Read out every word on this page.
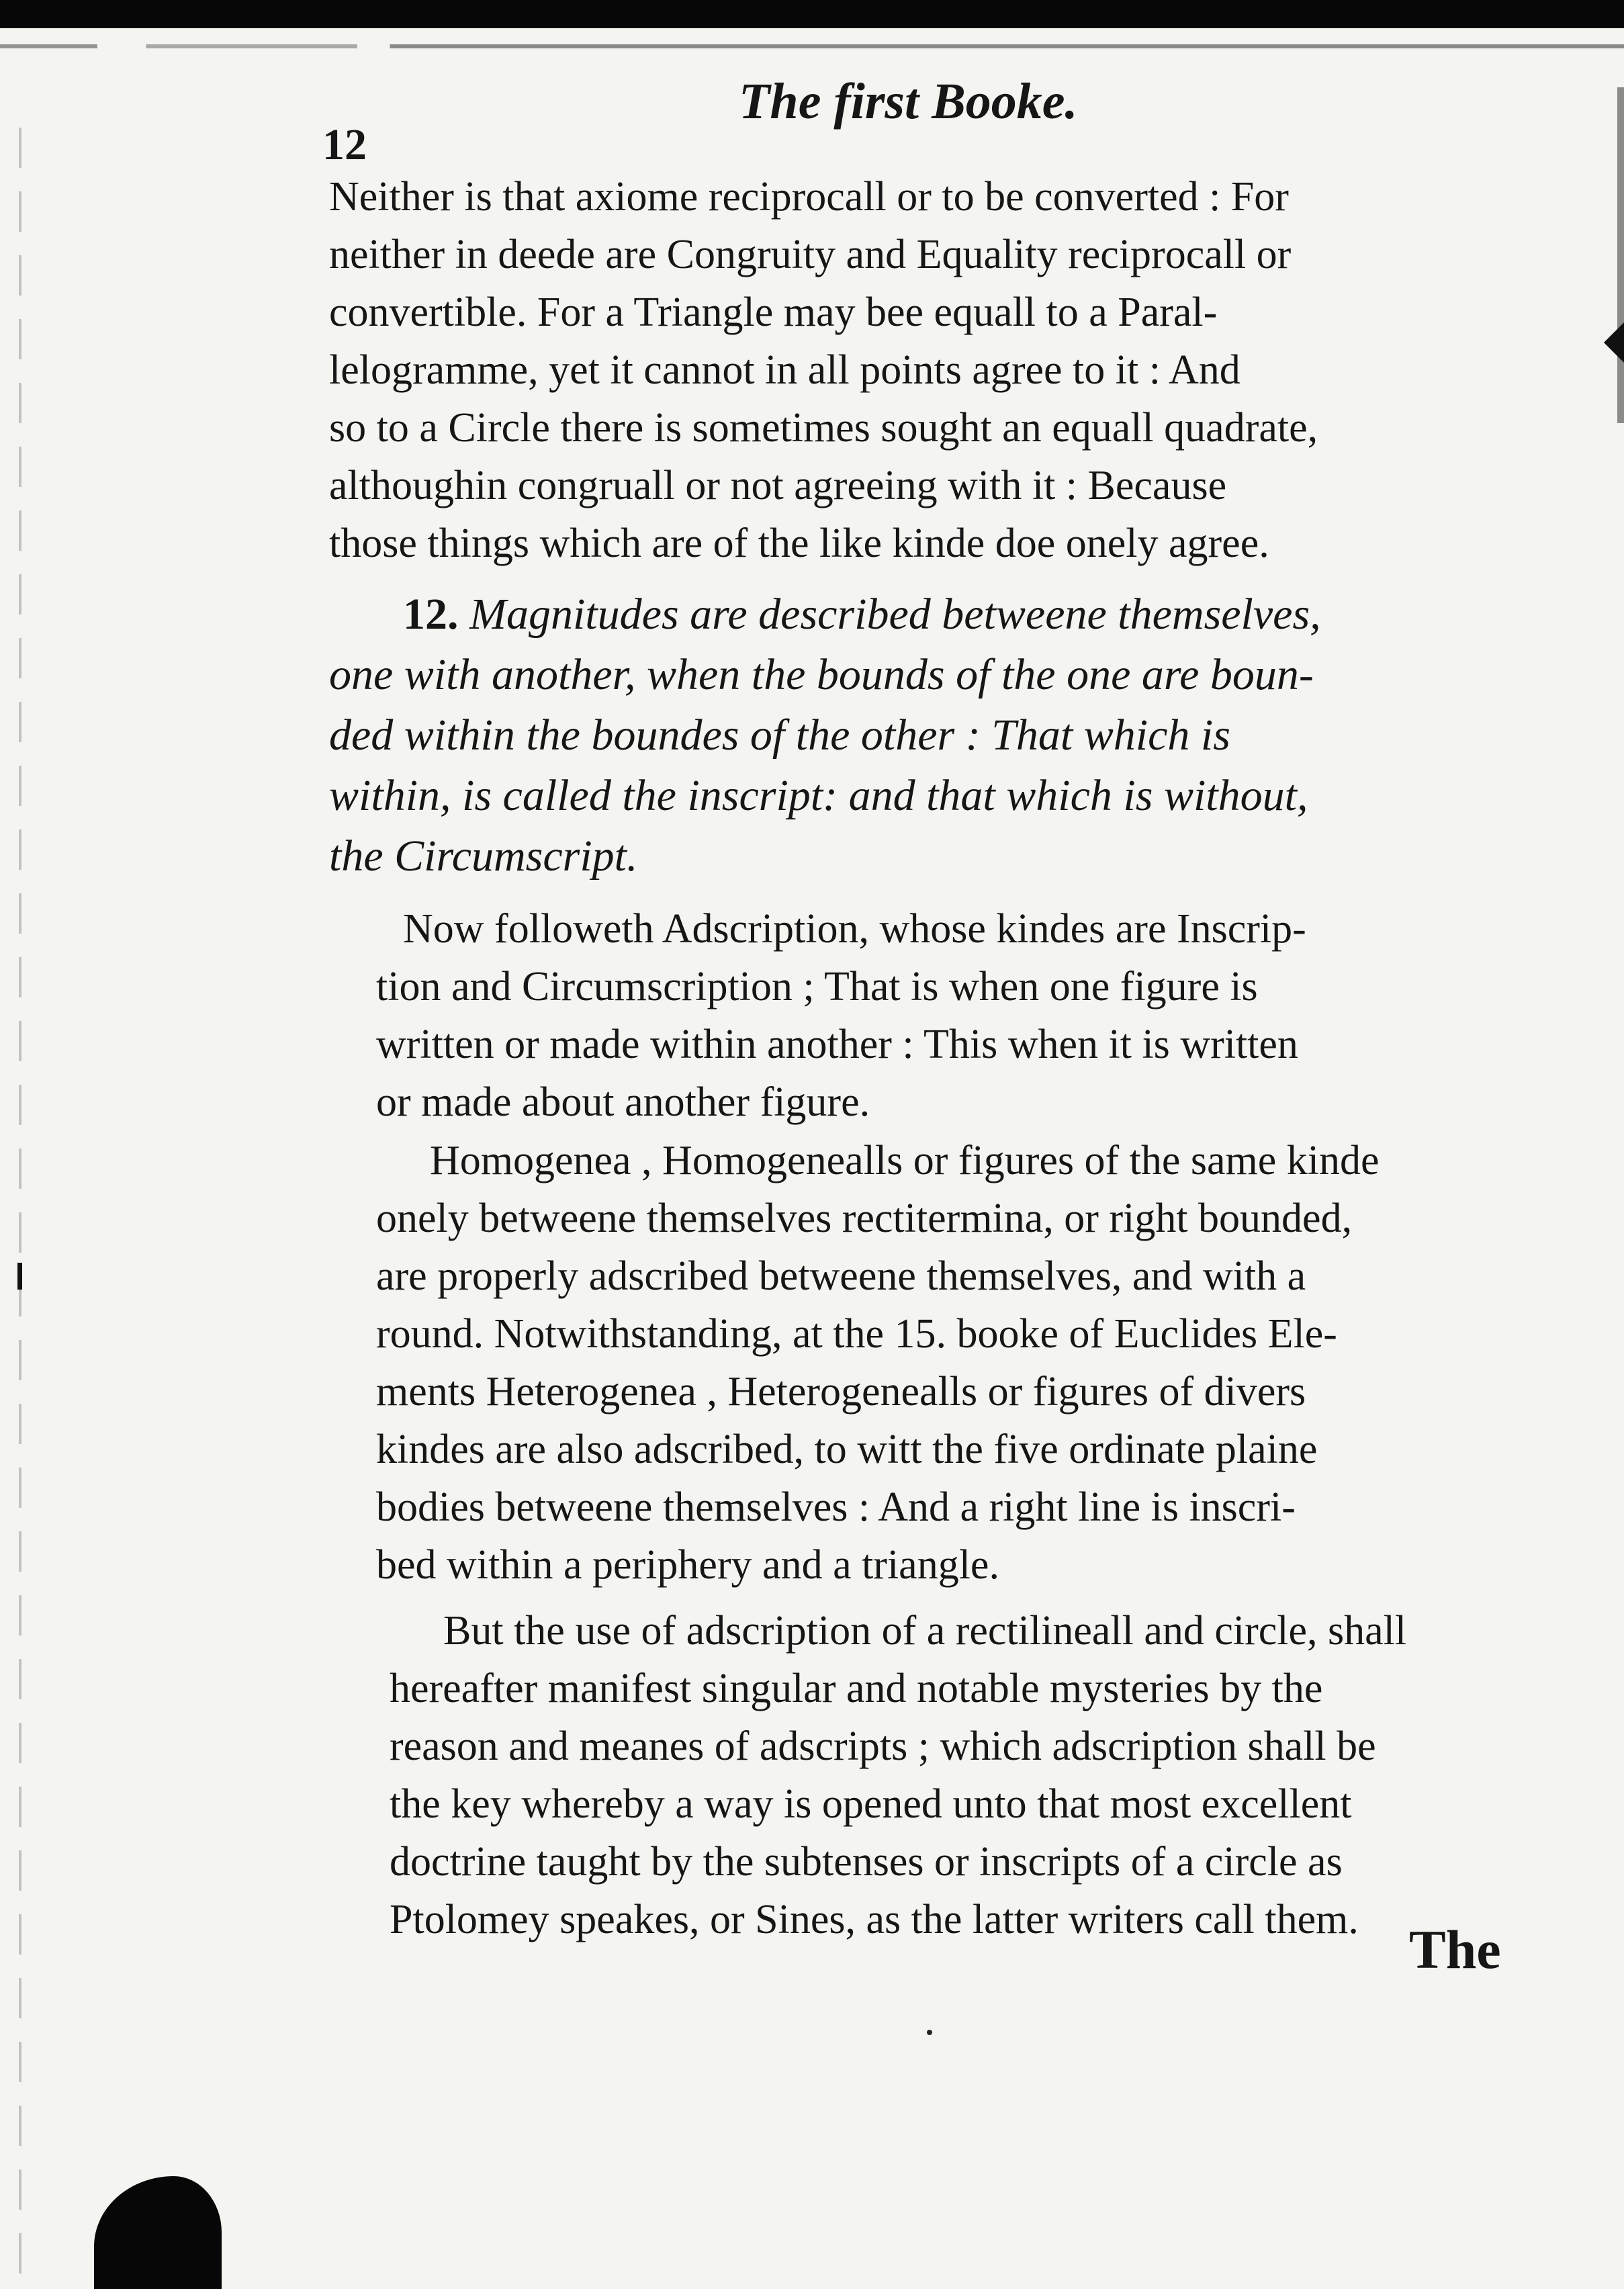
12
The first Booke.

Neither is that axiome reciprocall or to be converted : For
neither in deede are Congruity and Equality reciprocall or
convertible. For a Triangle may bee equall to a Paral-
lelogramme, yet it cannot in all points agree to it : And
so to a Circle there is sometimes sought an equall quadrate,
althoughin congruall or not agreeing with it : Because
those things which are of the like kinde doe onely agree.

12. Magnitudes are described betweene themselves,
one with another, when the bounds of the one are boun-
ded within the boundes of the other : That which is
within, is called the inscript: and that which is without,
the Circumscript.

Now followeth Adscription, whose kindes are Inscrip-
tion and Circumscription ; That is when one figure is
written or made within another : This when it is written
or made about another figure.

Homogenea , Homogenealls or figures of the same kinde
onely betweene themselves rectiterminа, or right bounded,
are properly adscribed betweene themselves, and with a
round. Notwithstanding, at the 15. booke of Euclides Ele-
ments Heterogenea , Heterogenealls or figures of divers
kindes are also adscribed, to witt the five ordinate plaine
bodies betweene themselves : And a right line is inscri-
bed within a periphery and a triangle.

But the use of adscription of a rectilineall and circle, shall
hereafter manifest singular and notable mysteries by the
reason and meanes of adscripts ; which adscription shall be
the key whereby a way is opened unto that most excellent
doctrine taught by the subtenses or inscripts of a circle as
Ptolomey speakes, or Sines, as the latter writers call them. The
